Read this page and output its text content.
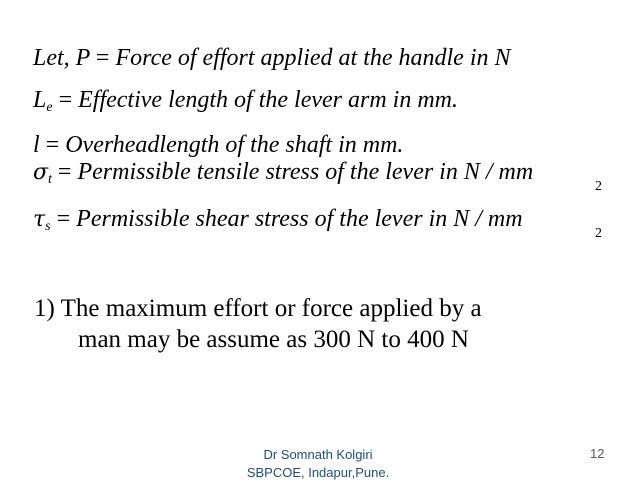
Let, P = Force of effort applied at the handle in N
$L_e$ = Effective length of the lever arm in mm.
l = Overheadlength of the shaft in mm.
$\sigma_t$ = Permissible tensile stress of the lever in N / mm
2
$\tau_s$ = Permissible shear stress of the lever in N / mm
2
1) The maximum effort or force applied by a
man may be assume as 300 N to 400 N
Dr Somnath Kolgiri
SBPCOE, Indapur,Pune.
12
